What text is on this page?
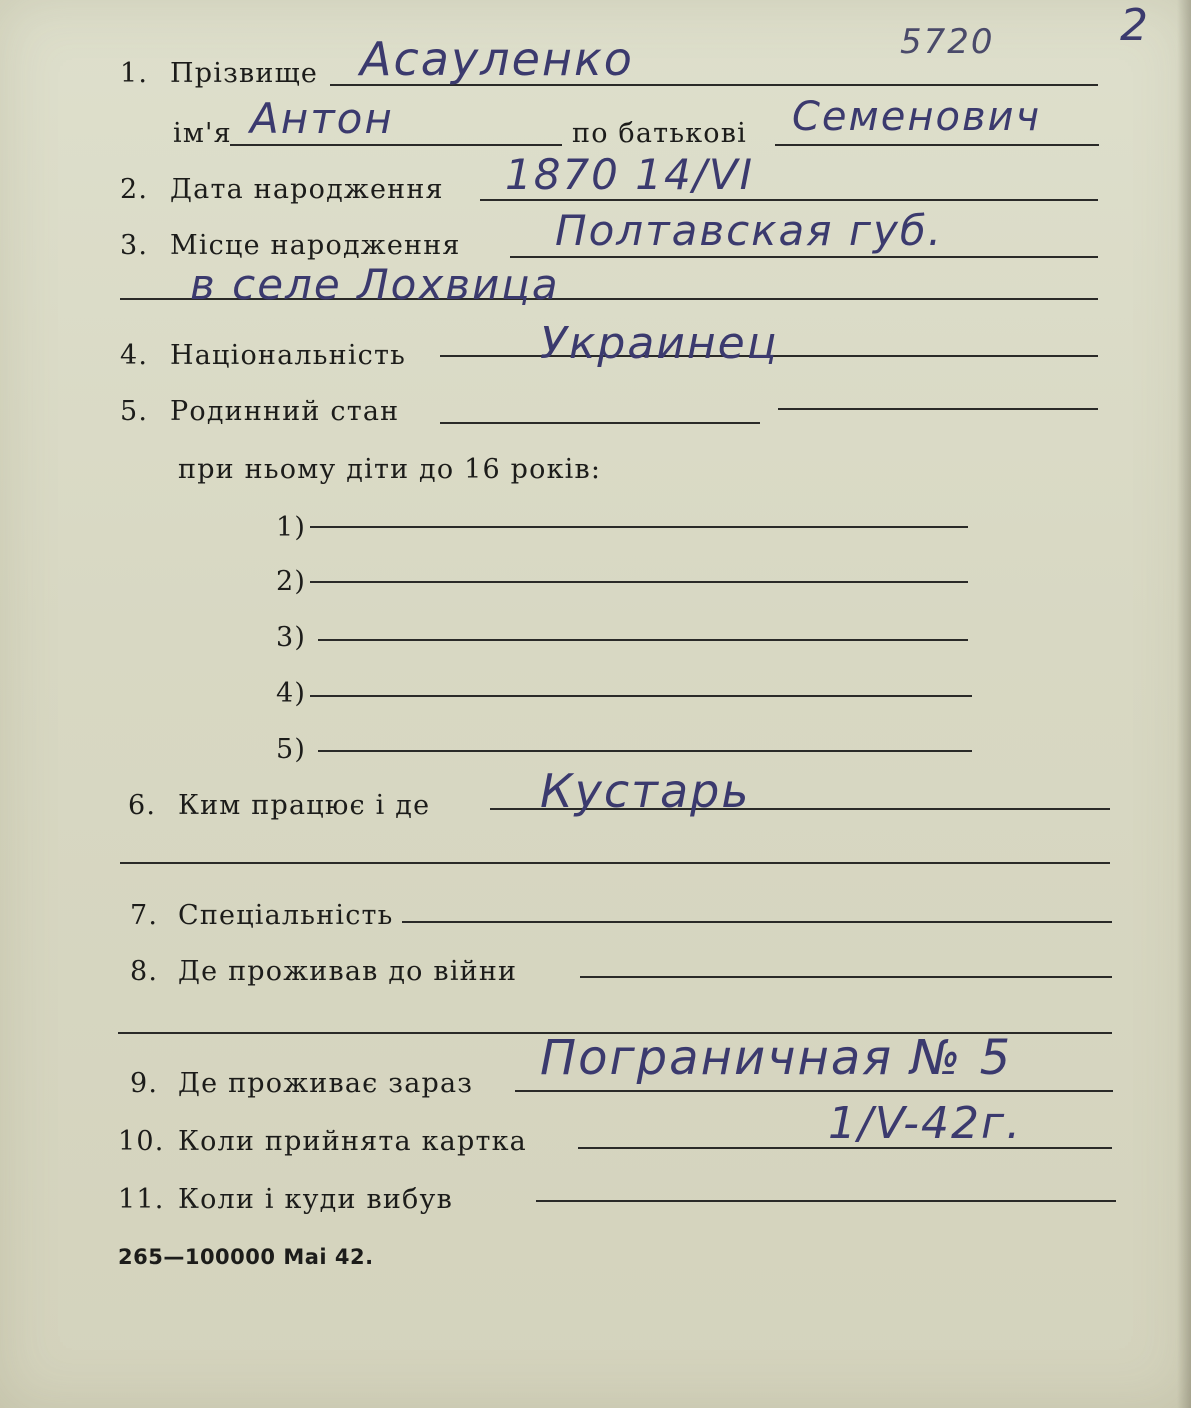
2
5720
1. Прізвище Асауленко
ім'я Антон	по батькові Семенович
2. Дата народження 1870 14/VI
3. Місце народження Полтавская губ.
в селе Лохвица
4. Національність	Украинец
5. Родинний стан
при ньому діти до 16 років:
1)
2)
3)
4)
5)
6. Ким працює і де Кустарь
7. Спеціальність
8. Де проживав до війни
9. Де проживає зараз Пограничная № 5
10. Коли прийнята картка	1/V-42г.
11. Коли і куди вибув
265—100000 Mai 42.
